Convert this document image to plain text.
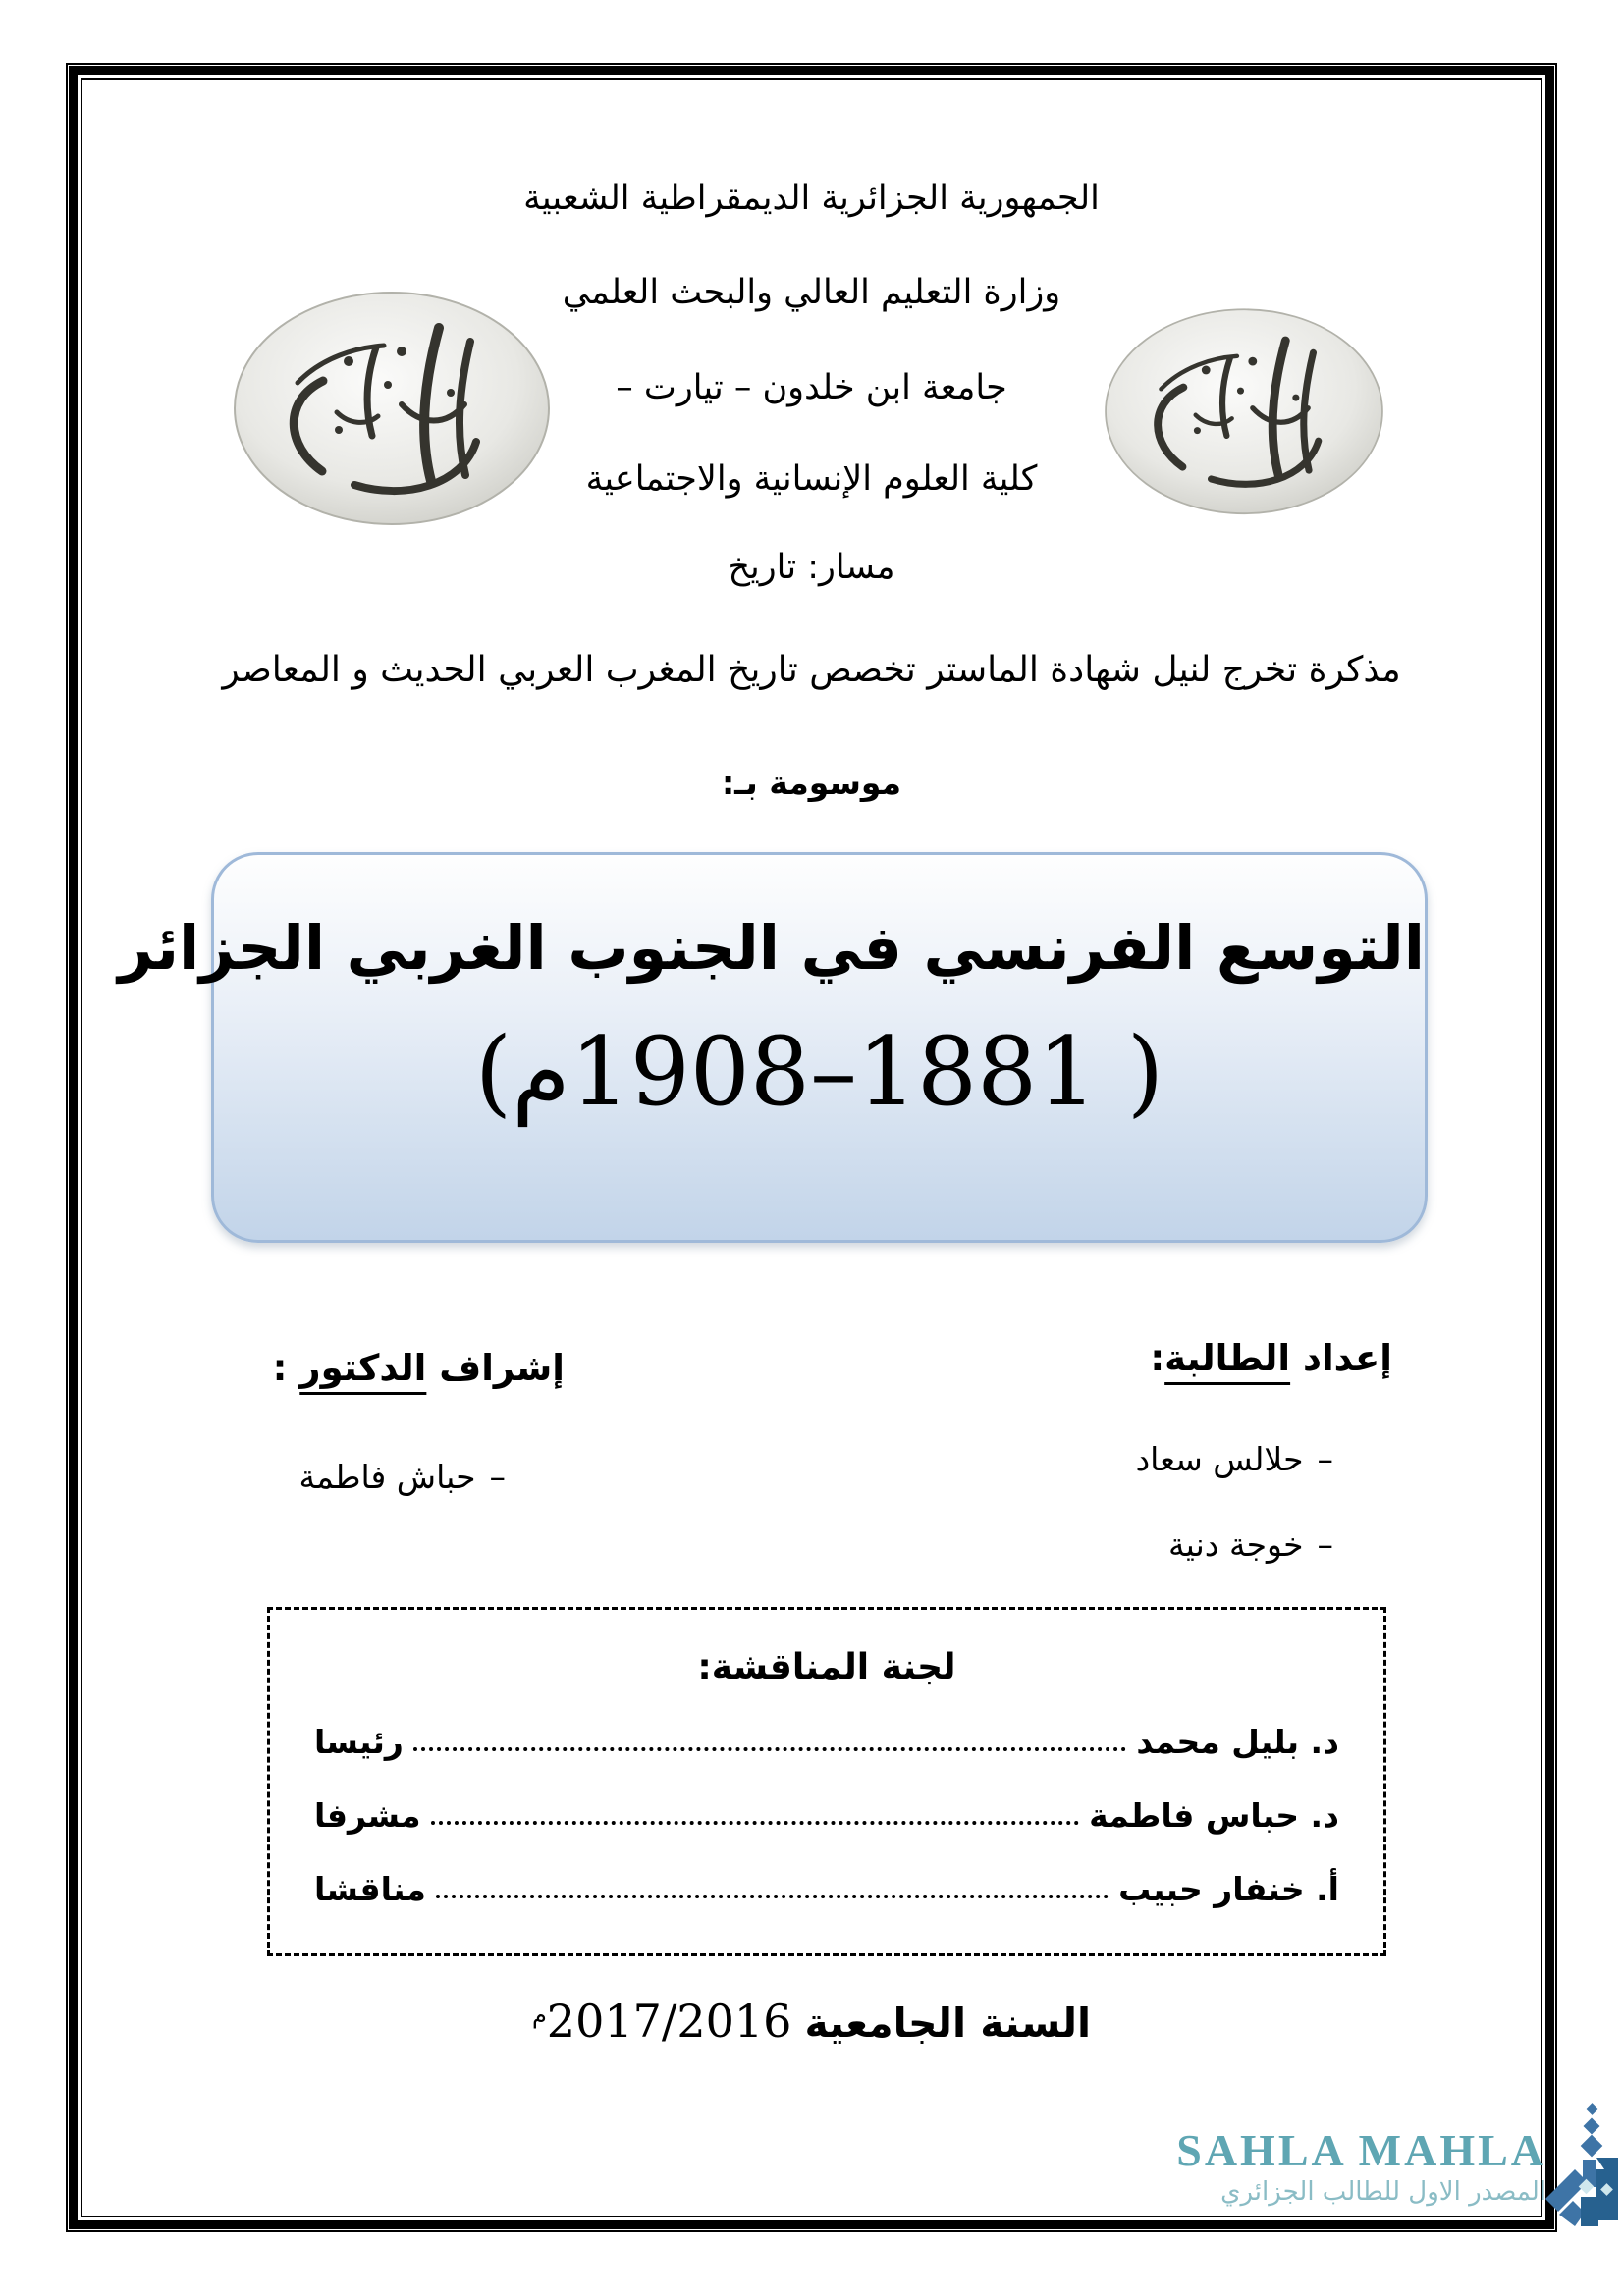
الجمهورية الجزائرية الديمقراطية الشعبية
وزارة التعليم العالي والبحث العلمي
جامعة ابن خلدون – تيارت –
كلية العلوم الإنسانية والاجتماعية
مسار: تاريخ
مذكرة تخرج لنيل شهادة الماستر تخصص تاريخ المغرب العربي الحديث و المعاصر
موسومة بـ:
التوسع الفرنسي في الجنوب الغربي الجزائر
( 1881–1908م)
إعداد الطالبة:
–حلالس سعاد
–خوجة دنية
إشراف الدكتور :
–حباش فاطمة
لجنة المناقشة:
د. بليل محمد
رئيسا
د. حباس فاطمة
مشرفا
أ. خنفار حبيب
مناقشا
السنة الجامعية $2017/2016^م$
SAHLA MAHLA
المصدر الاول للطالب الجزائري
